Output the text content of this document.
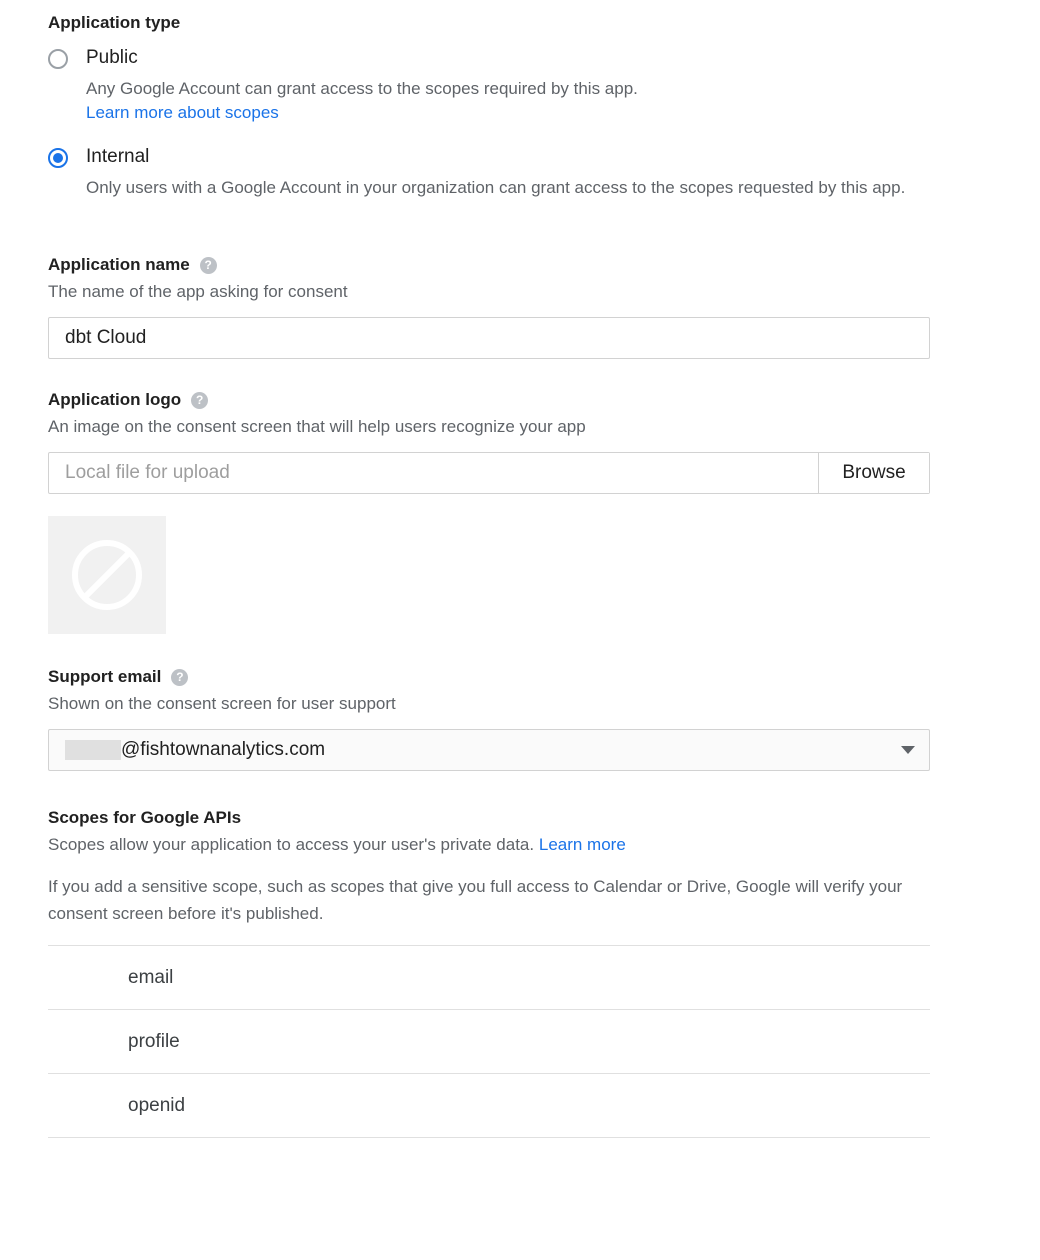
Application type
Public
Any Google Account can grant access to the scopes required by this app.
Learn more about scopes
Internal
Only users with a Google Account in your organization can grant access to the scopes requested by this app.
Application name	?
The name of the app asking for consent
dbt Cloud
Application logo	?
An image on the consent screen that will help users recognize your app
Local file for upload
Browse
Support email	?
Shown on the consent screen for user support
@fishtownanalytics.com
Scopes for Google APIs
Scopes allow your application to access your user's private data. Learn more
If you add a sensitive scope, such as scopes that give you full access to Calendar or Drive, Google will verify your consent screen before it's published.
email
profile
openid
